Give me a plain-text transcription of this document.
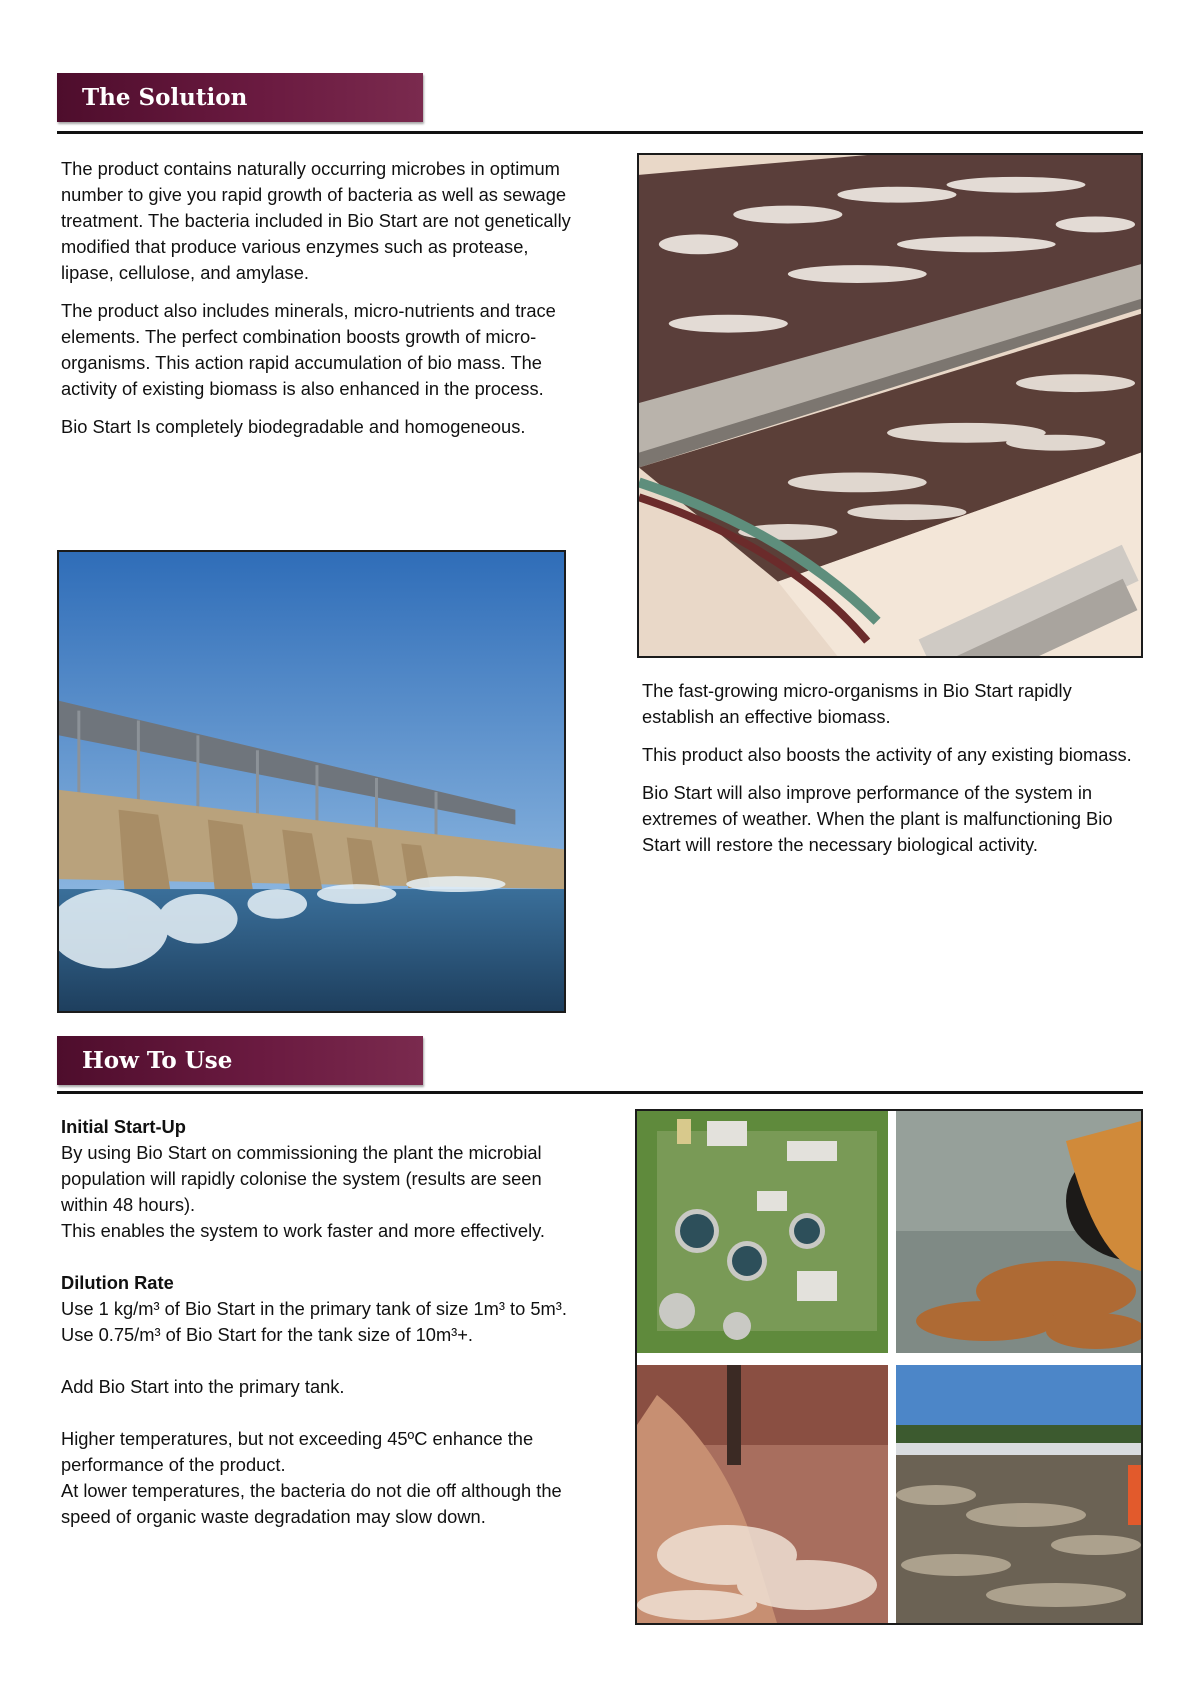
The Solution

The product contains naturally occurring microbes in optimum number to give you rapid growth of bacteria as well as sewage treatment. The bacteria included in Bio Start are not genetically modified that produce various enzymes such as protease, lipase, cellulose, and amylase.

The product also includes minerals, micro-nutrients and trace elements. The perfect combination boosts growth of micro-organisms. This action rapid accumulation of bio mass. The activity of existing biomass is also enhanced in the process.

Bio Start Is completely biodegradable and homogeneous.

The fast-growing micro-organisms in Bio Start rapidly establish an effective biomass.

This product also boosts the activity of any existing biomass.

Bio Start will also improve performance of the system in extremes of weather. When the plant is malfunctioning Bio Start will restore the necessary biological activity.

How To Use
Initial Start-Up
By using Bio Start on commissioning the plant the microbial population will rapidly colonise the system (results are seen within 48 hours).
This enables the system to work faster and more effectively.
Dilution Rate
Use 1 kg/m³ of Bio Start in the primary tank of size 1m³ to 5m³.
Use 0.75/m³ of Bio Start for the tank size of 10m³+.
Add Bio Start into the primary tank.
Higher temperatures, but not exceeding 45ºC enhance the performance of the product.
At lower temperatures, the bacteria do not die off although the speed of organic waste degradation may slow down.
